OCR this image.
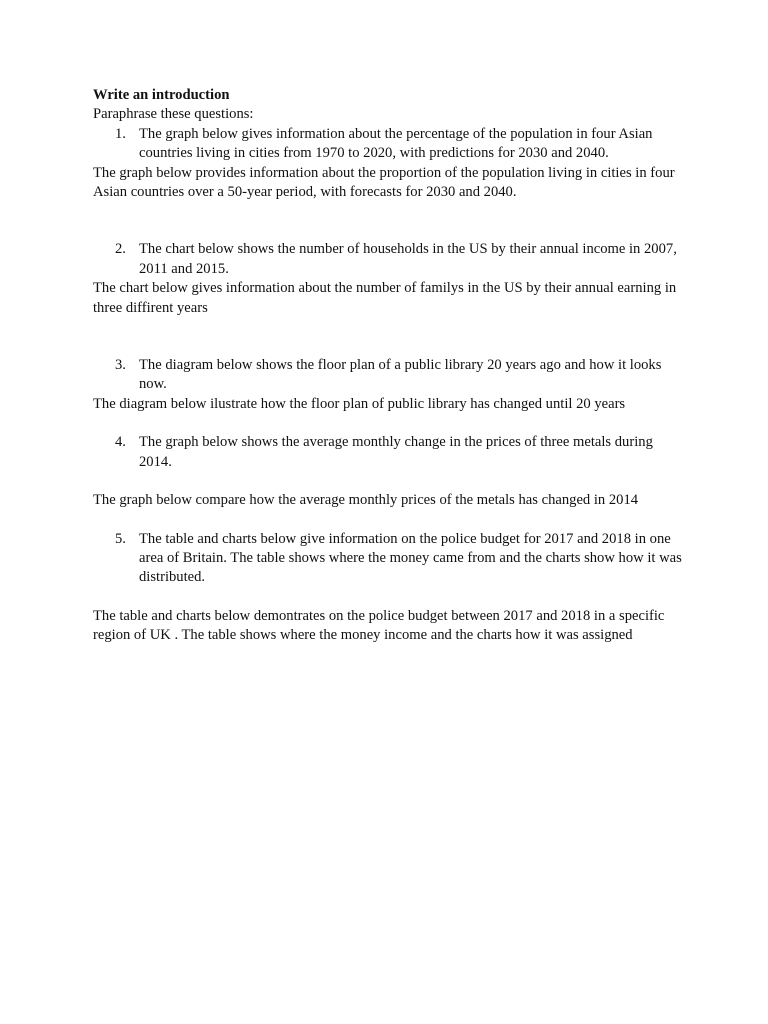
Write an introduction

Paraphrase these questions:

1. The graph below gives information about the percentage of the population in four Asian countries living in cities from 1970 to 2020, with predictions for 2030 and 2040.

The graph below provides information about the proportion of the population living in cities in four Asian countries over a 50-year period, with forecasts for 2030 and 2040.

2. The chart below shows the number of households in the US by their annual income in 2007, 2011 and 2015.

The chart below gives information about the number of familys in the US by their annual earning in three diffirent years

3. The diagram below shows the floor plan of a public library 20 years ago and how it looks now.

The diagram below ilustrate how the floor plan of public library has changed until 20 years

4. The graph below shows the average monthly change in the prices of three metals during 2014.

The graph below compare how the average monthly prices of the metals has changed in 2014

5. The table and charts below give information on the police budget for 2017 and 2018 in one area of Britain. The table shows where the money came from and the charts show how it was distributed.

The table and charts below demontrates on the police budget between 2017 and 2018 in a specific region of UK . The table shows where the money income and the charts how it was assigned
